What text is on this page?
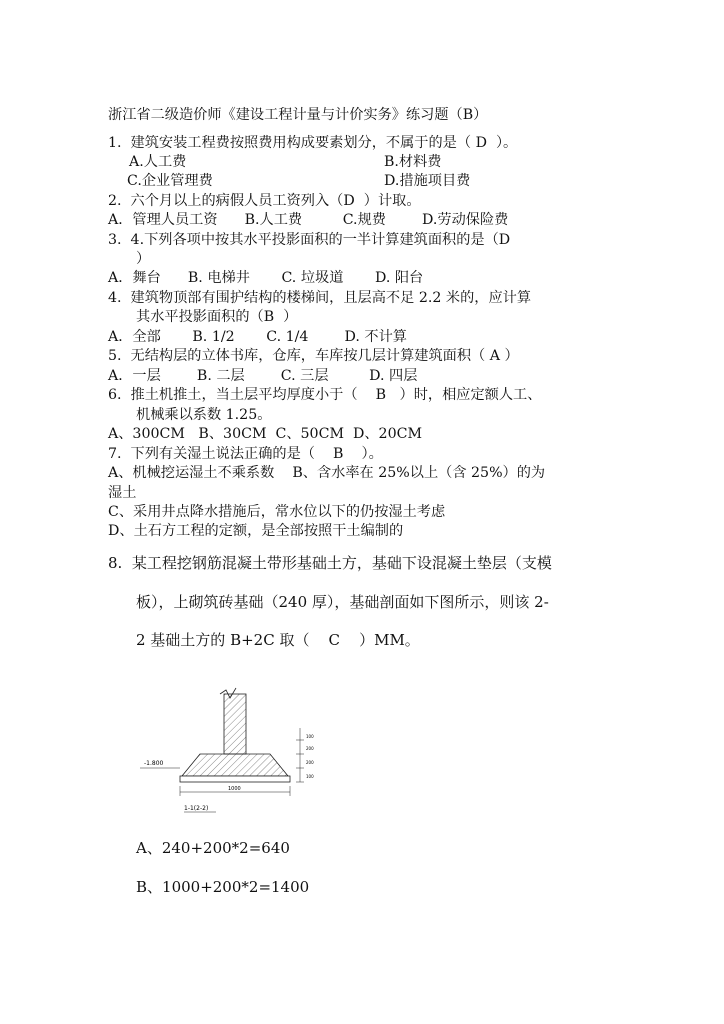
浙江省二级造价师《建设工程计量与计价实务》练习题（B）
1.  建筑安装工程费按照费用构成要素划分，不属于的是（ D  ）。
A.人工费	B.材料费
C.企业管理费	D.措施项目费
2.  六个月以上的病假人员工资列入（D  ）计取。
A．管理人员工资      B.人工费         C.规费        D.劳动保险费
3.  4.下列各项中按其水平投影面积的一半计算建筑面积的是（D
）
A．舞台      B. 电梯井       C. 垃圾道       D. 阳台
4.  建筑物顶部有围护结构的楼梯间，且层高不足 2.2 米的，应计算
其水平投影面积的（B  ）
A．全部       B. 1/2       C. 1/4        D. 不计算
5.  无结构层的立体书库，仓库，车库按几层计算建筑面积（ A ）
A．一层        B. 二层        C. 三层         D. 四层
6.  推土机推土，当土层平均厚度小于（    B   ）时，相应定额人工、
机械乘以系数 1.25。
A、300CM   B、30CM  C、50CM  D、20CM
7.  下列有关湿土说法正确的是（    B    ）。
A、机械挖运湿土不乘系数    B、含水率在 25%以上（含 25%）的为
湿土
C、采用井点降水措施后，常水位以下的仍按湿土考虑
D、土石方工程的定额，是全部按照干土编制的
8.  某工程挖钢筋混凝土带形基础土方，基础下设混凝土垫层（支模
板），上砌筑砖基础（240 厚），基础剖面如下图所示，则该 2-
2 基础土方的 B+2C 取（    C    ）MM。
-1.800
1000
100
200
200
100
1-1(2-2)
A、240+200*2=640
B、1000+200*2=1400
